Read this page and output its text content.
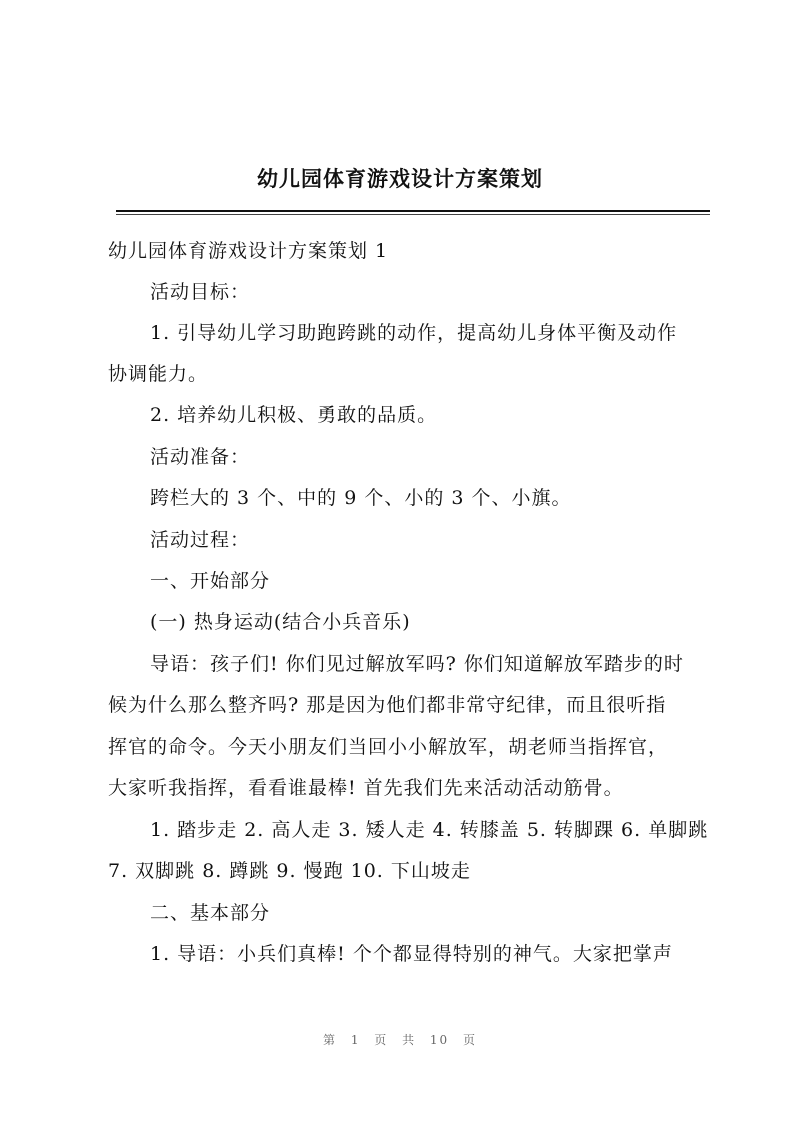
幼儿园体育游戏设计方案策划
幼儿园体育游戏设计方案策划 1
活动目标：
1. 引导幼儿学习助跑跨跳的动作，提高幼儿身体平衡及动作
协调能力。
2. 培养幼儿积极、勇敢的品质。
活动准备：
跨栏大的 3 个、中的 9 个、小的 3 个、小旗。
活动过程：
一、开始部分
(一) 热身运动(结合小兵音乐)
导语：孩子们! 你们见过解放军吗? 你们知道解放军踏步的时
候为什么那么整齐吗? 那是因为他们都非常守纪律，而且很听指
挥官的命令。今天小朋友们当回小小解放军，胡老师当指挥官，
大家听我指挥，看看谁最棒! 首先我们先来活动活动筋骨。
1. 踏步走 2. 高人走 3. 矮人走 4. 转膝盖 5. 转脚踝 6. 单脚跳
7. 双脚跳 8. 蹲跳 9. 慢跑 10. 下山坡走
二、基本部分
1. 导语：小兵们真棒! 个个都显得特别的神气。大家把掌声
第 1 页 共 10 页
